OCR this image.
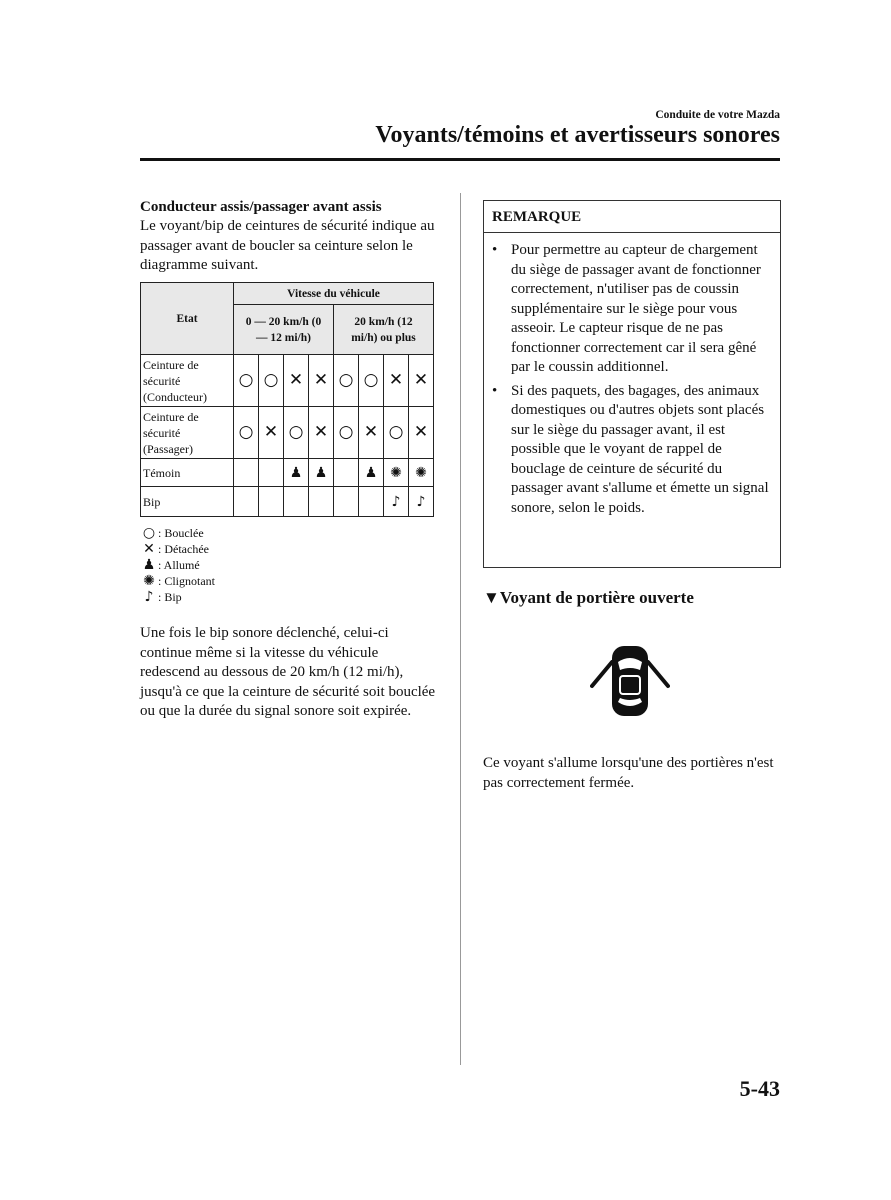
Conduite de votre Mazda
Voyants/témoins et avertisseurs sonores
Conducteur assis/passager avant assis
Le voyant/bip de ceintures de sécurité indique au passager avant de boucler sa ceinture selon le diagramme suivant.
Etat	Vitesse du véhicule							
	0 — 20 km/h (0 — 12 mi/h)				20 km/h (12 mi/h) ou plus			
Ceinture de sécurité (Conducteur)	○	○	✕	✕	○	○	✕	✕
Ceinture de sécurité (Passager)	○	✕	○	✕	○	✕	○	✕
Témoin			♟	♟		♟	✺	✺
Bip							♪	♪
○ : Bouclée
✕ : Détachée
♟ : Allumé
✺ : Clignotant
♪ : Bip
Une fois le bip sonore déclenché, celui-ci continue même si la vitesse du véhicule redescend au dessous de 20 km/h (12 mi/h), jusqu'à ce que la ceinture de sécurité soit bouclée ou que la durée du signal sonore soit expirée.
REMARQUE
• Pour permettre au capteur de chargement du siège de passager avant de fonctionner correctement, n'utiliser pas de coussin supplémentaire sur le siège pour vous asseoir. Le capteur risque de ne pas fonctionner correctement car il sera gêné par le coussin additionnel.
• Si des paquets, des bagages, des animaux domestiques ou d'autres objets sont placés sur le siège du passager avant, il est possible que le voyant de rappel de bouclage de ceinture de sécurité du passager avant s'allume et émette un signal sonore, selon le poids.
▼Voyant de portière ouverte
Ce voyant s'allume lorsqu'une des portières n'est pas correctement fermée.
5-43
